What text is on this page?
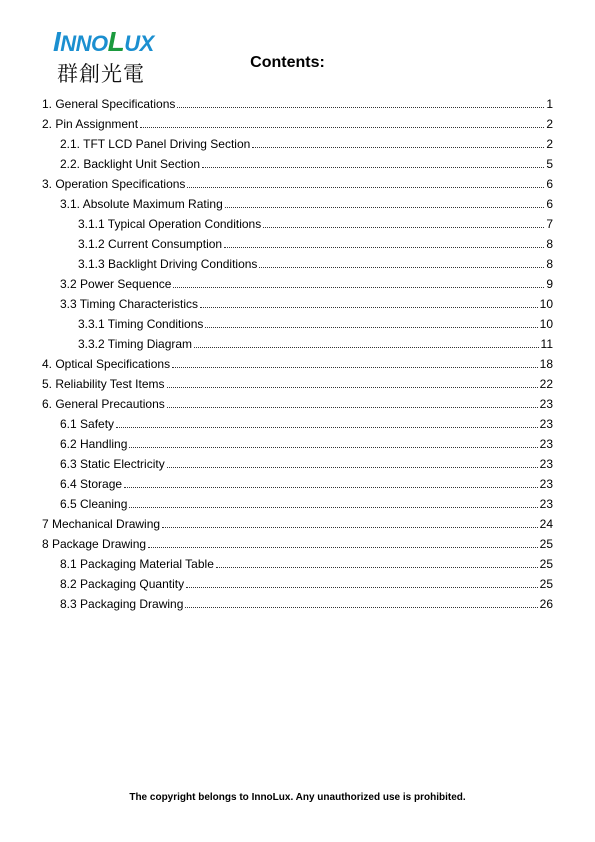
INNOLUX
群創光電	Contents:
1. General Specifications	1
2. Pin Assignment	2
2.1. TFT LCD Panel Driving Section	2
2.2. Backlight Unit Section	5
3. Operation Specifications	6
3.1. Absolute Maximum Rating	6
3.1.1 Typical Operation Conditions	7
3.1.2 Current Consumption	8
3.1.3 Backlight Driving Conditions	8
3.2 Power Sequence	9
3.3 Timing Characteristics	10
3.3.1 Timing Conditions	10
3.3.2 Timing Diagram	11
4. Optical Specifications	18
5. Reliability Test Items	22
6. General Precautions	23
6.1 Safety	23
6.2 Handling	23
6.3 Static Electricity	23
6.4 Storage	23
6.5 Cleaning	23
7 Mechanical Drawing	24
8 Package Drawing	25
8.1 Packaging Material Table	25
8.2 Packaging Quantity	25
8.3 Packaging Drawing	26
The copyright belongs to InnoLux. Any unauthorized use is prohibited.
